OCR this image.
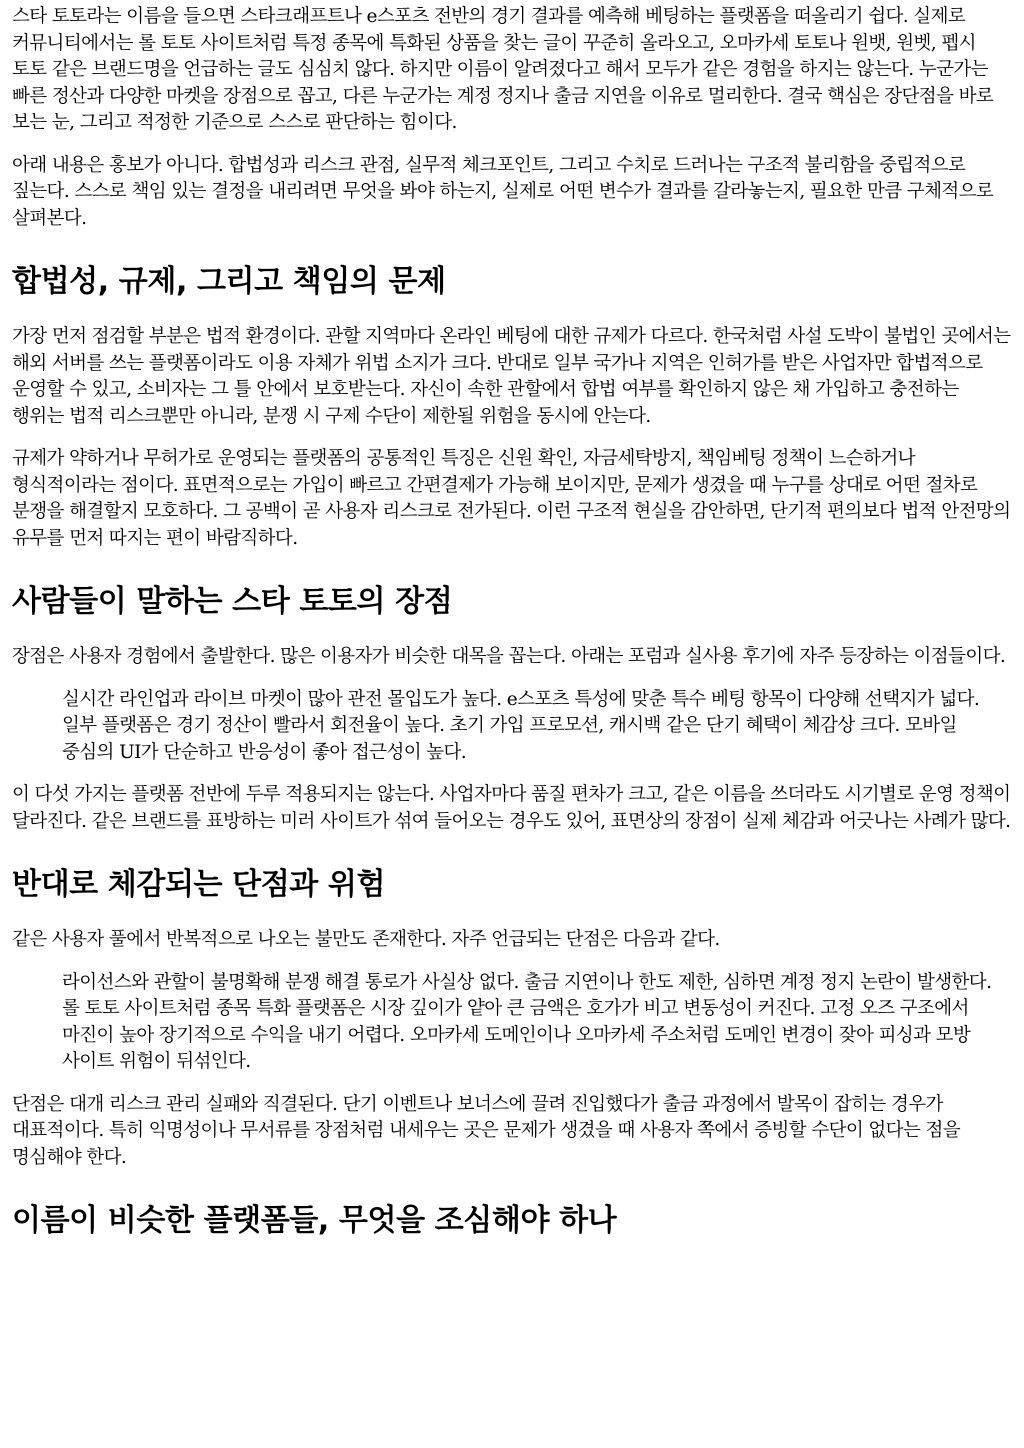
스타 토토라는 이름을 들으면 스타크래프트나 e스포츠 전반의 경기 결과를 예측해 베팅하는 플랫폼을 떠올리기 쉽다. 실제로 커뮤니티에서는 롤 토토 사이트처럼 특정 종목에 특화된 상품을 찾는 글이 꾸준히 올라오고, 오마카세 토토나 원뱃, 원벳, 펩시 토토 같은 브랜드명을 언급하는 글도 심심치 않다. 하지만 이름이 알려졌다고 해서 모두가 같은 경험을 하지는 않는다. 누군가는 빠른 정산과 다양한 마켓을 장점으로 꼽고, 다른 누군가는 계정 정지나 출금 지연을 이유로 멀리한다. 결국 핵심은 장단점을 바로 보는 눈, 그리고 적정한 기준으로 스스로 판단하는 힘이다.

아래 내용은 홍보가 아니다. 합법성과 리스크 관점, 실무적 체크포인트, 그리고 수치로 드러나는 구조적 불리함을 중립적으로 짚는다. 스스로 책임 있는 결정을 내리려면 무엇을 봐야 하는지, 실제로 어떤 변수가 결과를 갈라놓는지, 필요한 만큼 구체적으로 살펴본다.

합법성, 규제, 그리고 책임의 문제

가장 먼저 점검할 부분은 법적 환경이다. 관할 지역마다 온라인 베팅에 대한 규제가 다르다. 한국처럼 사설 도박이 불법인 곳에서는 해외 서버를 쓰는 플랫폼이라도 이용 자체가 위법 소지가 크다. 반대로 일부 국가나 지역은 인허가를 받은 사업자만 합법적으로 운영할 수 있고, 소비자는 그 틀 안에서 보호받는다. 자신이 속한 관할에서 합법 여부를 확인하지 않은 채 가입하고 충전하는 행위는 법적 리스크뿐만 아니라, 분쟁 시 구제 수단이 제한될 위험을 동시에 안는다.

규제가 약하거나 무허가로 운영되는 플랫폼의 공통적인 특징은 신원 확인, 자금세탁방지, 책임베팅 정책이 느슨하거나 형식적이라는 점이다. 표면적으로는 가입이 빠르고 간편결제가 가능해 보이지만, 문제가 생겼을 때 누구를 상대로 어떤 절차로 분쟁을 해결할지 모호하다. 그 공백이 곧 사용자 리스크로 전가된다. 이런 구조적 현실을 감안하면, 단기적 편의보다 법적 안전망의 유무를 먼저 따지는 편이 바람직하다.

사람들이 말하는 스타 토토의 장점

장점은 사용자 경험에서 출발한다. 많은 이용자가 비슷한 대목을 꼽는다. 아래는 포럼과 실사용 후기에 자주 등장하는 이점들이다.

실시간 라인업과 라이브 마켓이 많아 관전 몰입도가 높다. e스포츠 특성에 맞춘 특수 베팅 항목이 다양해 선택지가 넓다. 일부 플랫폼은 경기 정산이 빨라서 회전율이 높다. 초기 가입 프로모션, 캐시백 같은 단기 혜택이 체감상 크다. 모바일 중심의 UI가 단순하고 반응성이 좋아 접근성이 높다.

이 다섯 가지는 플랫폼 전반에 두루 적용되지는 않는다. 사업자마다 품질 편차가 크고, 같은 이름을 쓰더라도 시기별로 운영 정책이 달라진다. 같은 브랜드를 표방하는 미러 사이트가 섞여 들어오는 경우도 있어, 표면상의 장점이 실제 체감과 어긋나는 사례가 많다.

반대로 체감되는 단점과 위험

같은 사용자 풀에서 반복적으로 나오는 불만도 존재한다. 자주 언급되는 단점은 다음과 같다.

라이선스와 관할이 불명확해 분쟁 해결 통로가 사실상 없다. 출금 지연이나 한도 제한, 심하면 계정 정지 논란이 발생한다. 롤 토토 사이트처럼 종목 특화 플랫폼은 시장 깊이가 얕아 큰 금액은 호가가 비고 변동성이 커진다. 고정 오즈 구조에서 마진이 높아 장기적으로 수익을 내기 어렵다. 오마카세 도메인이나 오마카세 주소처럼 도메인 변경이 잦아 피싱과 모방 사이트 위험이 뒤섞인다.

단점은 대개 리스크 관리 실패와 직결된다. 단기 이벤트나 보너스에 끌려 진입했다가 출금 과정에서 발목이 잡히는 경우가 대표적이다. 특히 익명성이나 무서류를 장점처럼 내세우는 곳은 문제가 생겼을 때 사용자 쪽에서 증빙할 수단이 없다는 점을 명심해야 한다.

이름이 비슷한 플랫폼들, 무엇을 조심해야 하나
